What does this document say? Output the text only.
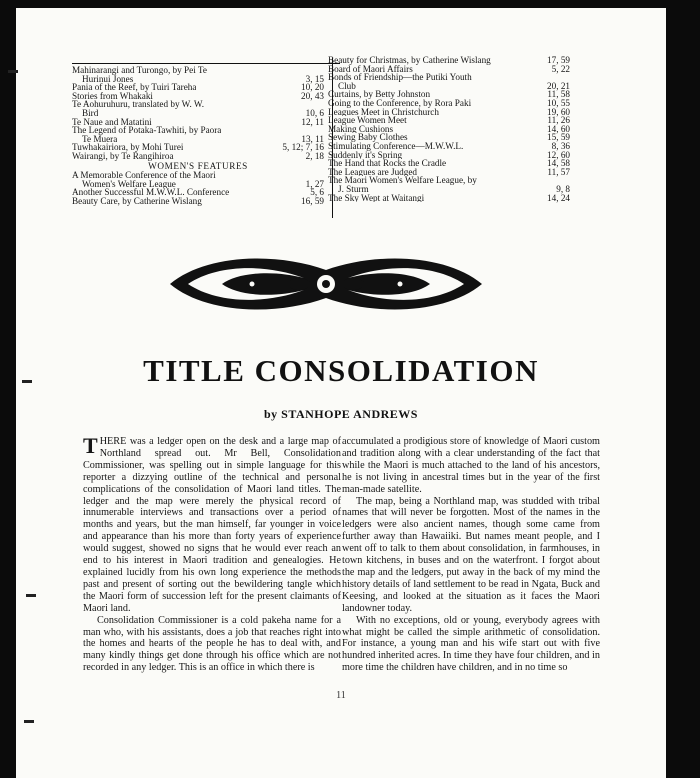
Mahinarangi and Turongo, by Pei Te
Hurinui Jones	3, 15
Pania of the Reef, by Tuiri Tareha	10, 20
Stories from Whakaki	20, 43
Te Aohuruhuru, translated by W. W.
Bird	10, 6
Te Naue and Matatini	12, 11
The Legend of Potaka-Tawhiti, by Paora
Te Muera	13, 11
Tuwhakairiora, by Mohi Turei	5, 12; 7, 16
Wairangi, by Te Rangihiroa	2, 18
WOMEN'S FEATURES
A Memorable Conference of the Maori
Women's Welfare League	1, 27
Another Successful M.W.W.L. Conference	5, 6
Beauty Care, by Catherine Wislang	16, 59
Beauty for Christmas, by Catherine Wislang	17, 59
Board of Maori Affairs	5, 22
Bonds of Friendship—the Putiki Youth
Club	20, 21
Curtains, by Betty Johnston	11, 58
Going to the Conference, by Rora Paki	10, 55
Leagues Meet in Christchurch	19, 60
League Women Meet	11, 26
Making Cushions	14, 60
Sewing Baby Clothes	15, 59
Stimulating Conference—M.W.W.L.	8, 36
Suddenly it's Spring	12, 60
The Hand that Rocks the Cradle	14, 58
The Leagues are Judged	11, 57
The Maori Women's Welfare League, by
J. Sturm	9, 8
The Sky Wept at Waitangi	14, 24
TITLE CONSOLIDATION
by STANHOPE ANDREWS

THERE was a ledger open on the desk and a large map of Northland spread out. Mr Bell, Consolidation Commissioner, was spelling out in simple language for this reporter a dizzying outline of the technical and personal complications of the consolidation of Maori land titles. The ledger and the map were merely the physical record of innumerable interviews and transactions over a period of months and years, but the man himself, far younger in voice and appearance than his more than forty years of experience would suggest, showed no signs that he would ever reach an end to his interest in Maori tradition and genealogies. He explained lucidly from his own long experience the methods past and present of sorting out the bewildering tangle which the Maori form of succession left for the present claimants of Maori land.

Consolidation Commissioner is a cold pakeha name for a man who, with his assistants, does a job that reaches right into the homes and hearts of the people he has to deal with, and many kindly things get done through his office which are not recorded in any ledger. This is an office in which there is

accumulated a prodigious store of knowledge of Maori custom and tradition along with a clear understanding of the fact that while the Maori is much attached to the land of his ancestors, he is not living in ancestral times but in the year of the first man-made satellite.

The map, being a Northland map, was studded with tribal names that will never be forgotten. Most of the names in the ledgers were also ancient names, though some came from further away than Hawaiiki. But names meant people, and I went off to talk to them about consolidation, in farmhouses, in town kitchens, in buses and on the waterfront. I forgot about the map and the ledgers, put away in the back of my mind the history details of land settlement to be read in Ngata, Buck and Keesing, and looked at the situation as it faces the Maori landowner today.

With no exceptions, old or young, everybody agrees with what might be called the simple arithmetic of consolidation. For instance, a young man and his wife start out with five hundred inherited acres. In time they have four children, and in more time the children have children, and in no time so

11
